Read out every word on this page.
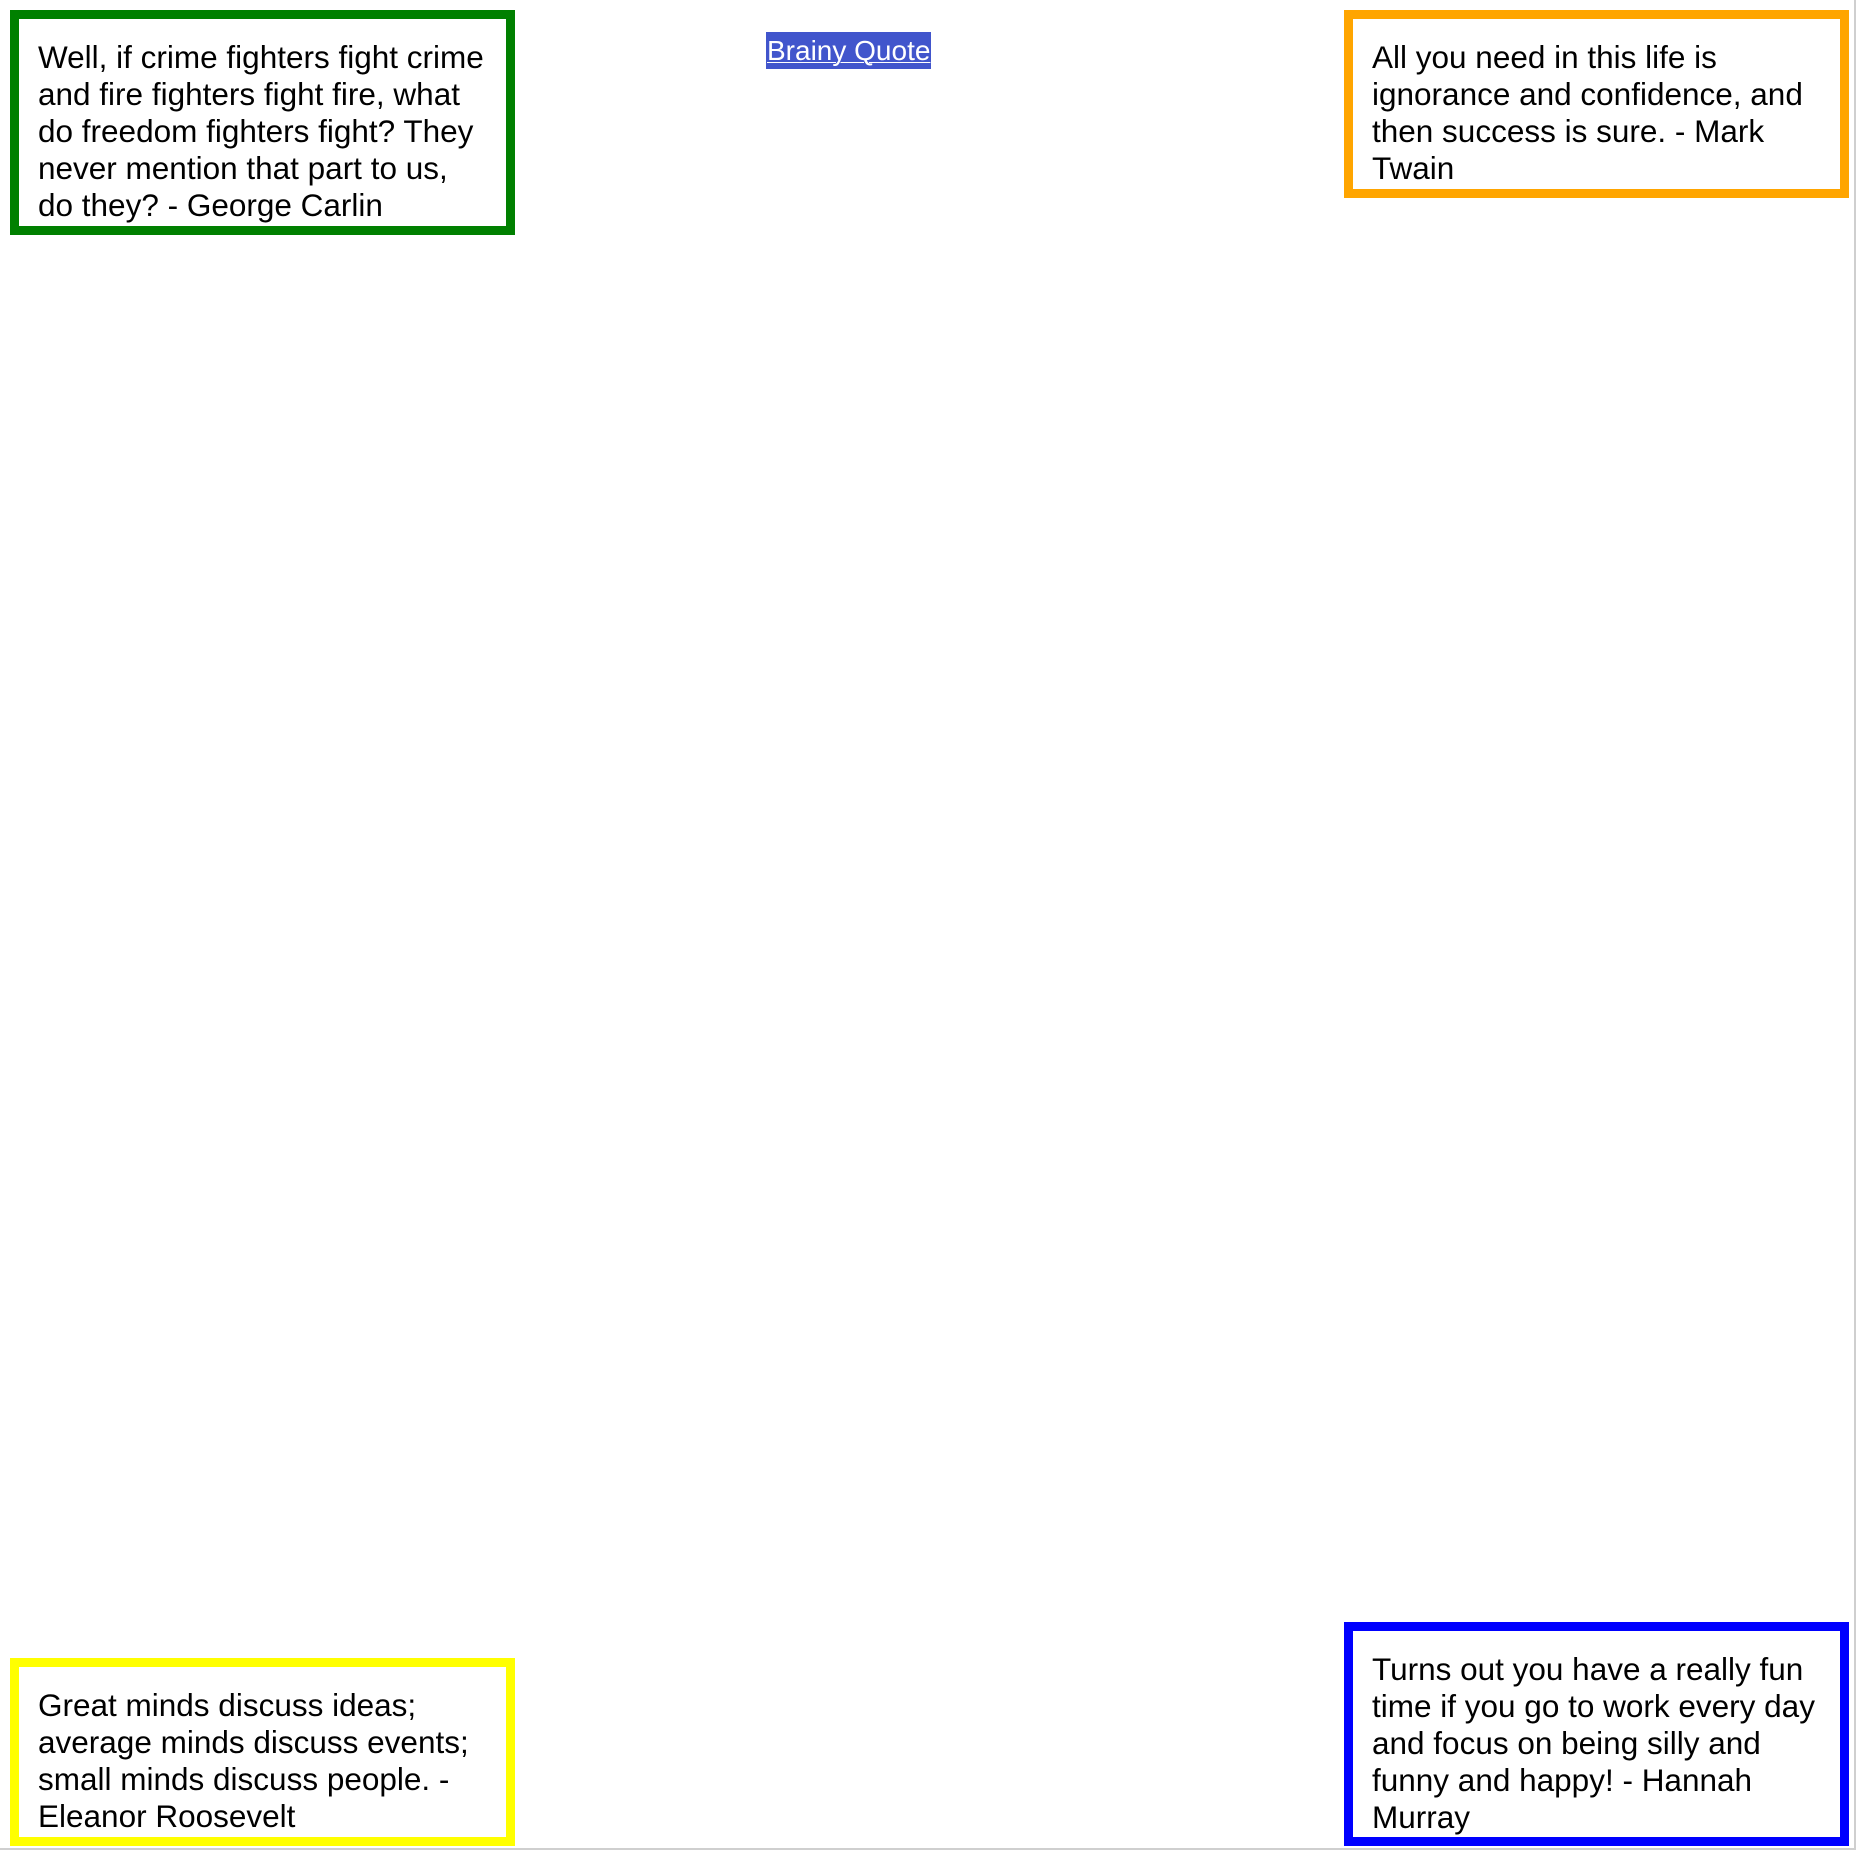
Well, if crime fighters fight crime and fire fighters fight fire, what do freedom fighters fight? They never mention that part to us, do they? - George Carlin
Brainy Quote	All you need in this life is ignorance and confidence, and then success is sure. - Mark Twain
Great minds discuss ideas; average minds discuss events; small minds discuss people. - Eleanor Roosevelt
Turns out you have a really fun time if you go to work every day and focus on being silly and funny and happy! - Hannah Murray
